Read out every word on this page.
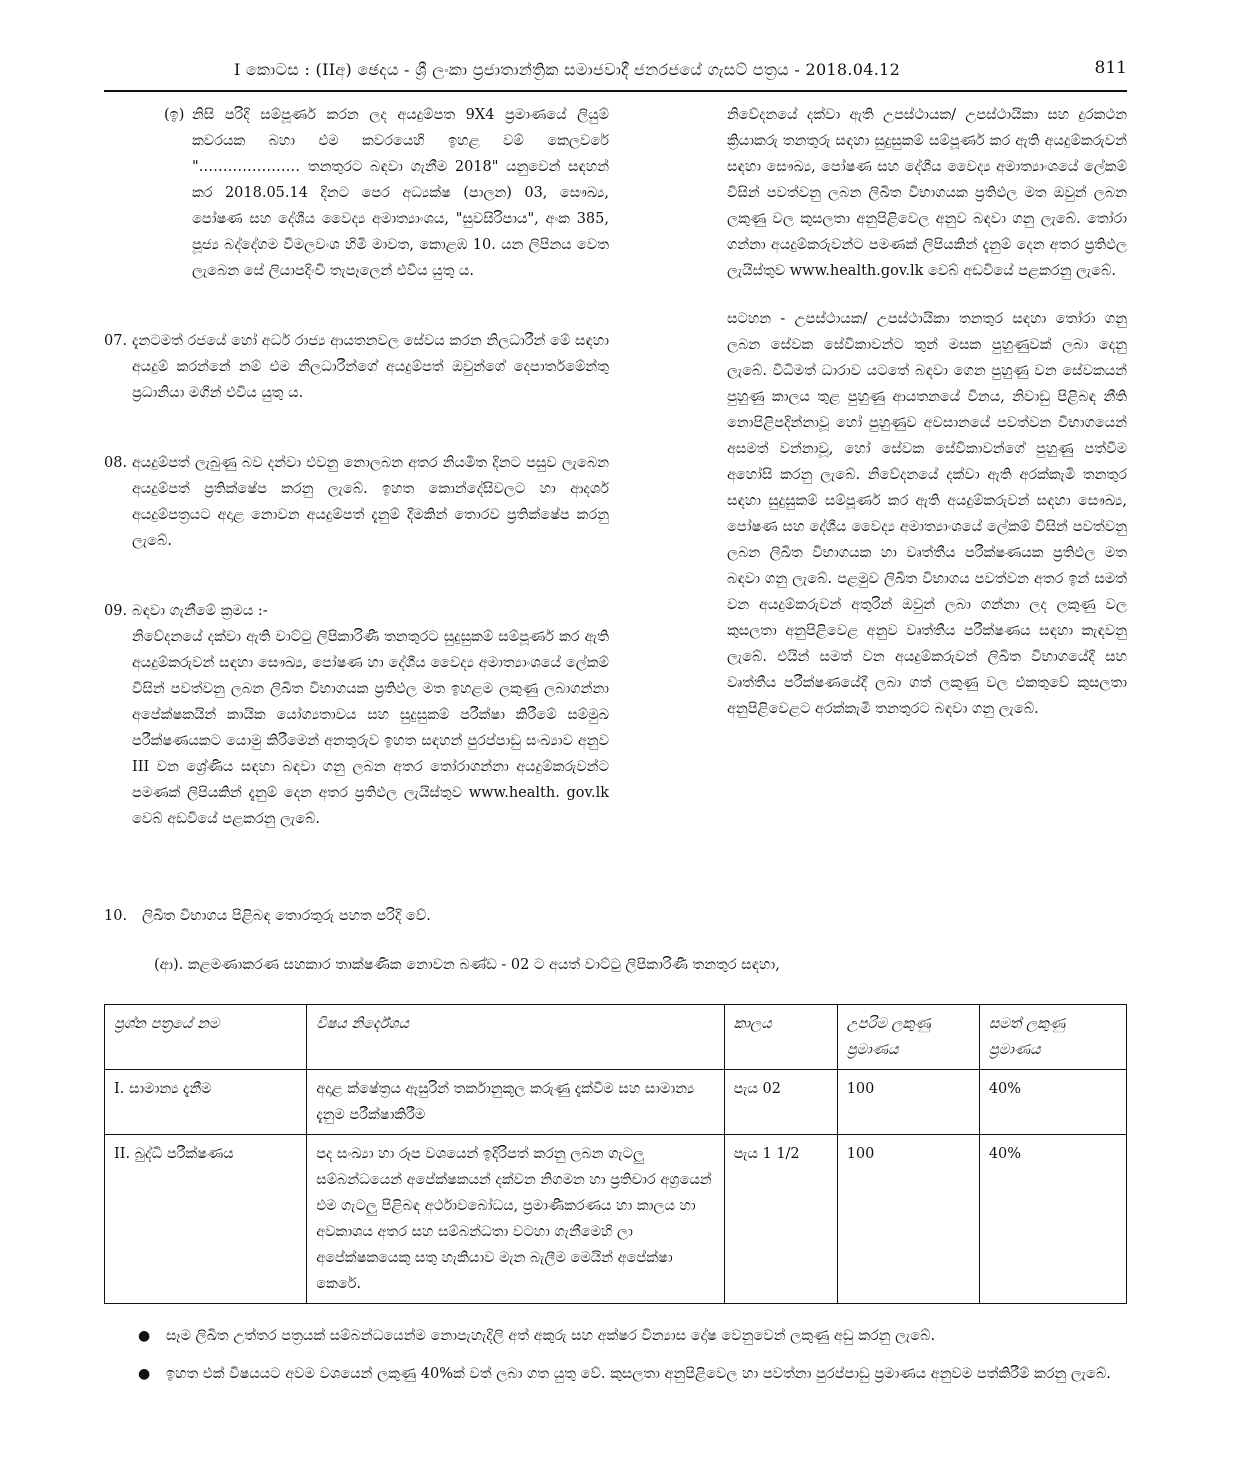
I කොටස : (IIඅ) ඡෙදය - ශ්‍රී ලංකා ප්‍රජාතාන්ත්‍රික සමාජවාදී ජනරජයේ ගැසට් පත්‍රය - 2018.04.12	811
(ඉ) නිසි පරිදි සම්පූර්ණ කරන ලද අයදුම්පත 9X4 ප්‍රමාණයේ ලියුම් කවරයක බහා එම කවරයෙහි ඉහළ වම් කෙලවරේ "………………… තනතුරට බඳවා ගැනීම 2018" යනුවෙන් සඳහන් කර 2018.05.14 දිනට පෙර අධ්‍යක්ෂ (පාලන) 03, සෞඛ්‍ය, පෝෂණ සහ දේශීය වෛද්‍ය අමාත්‍යාංශය, "සුවසිරිපාය", අංක 385, පූජ්‍ය බද්දේගම විමලවංශ හිමි මාවත, කොළඹ 10. යන ලිපිනය වෙත ලැබෙන සේ ලියාපදිංචි තැපෑලෙන් එවිය යුතු ය.
07. දැනටමත් රජයේ හෝ අර්ධ රාජ්‍ය ආයතනවල සේවය කරන නිලධාරීන් මේ සඳහා අයදුම් කරන්නේ නම් එම නිලධාරීන්ගේ අයදුම්පත් ඔවුන්ගේ දෙපාර්තමේන්තු ප්‍රධානියා මගින් එවිය යුතු ය.
08. අයදුම්පත් ලැබුණු බව දන්වා එවනු නොලබන අතර නියමිත දිනට පසුව ලැබෙන අයදුම්පත් ප්‍රතික්ෂේප කරනු ලැබේ. ඉහත කොන්දේසිවලට හා ආදර්ශ අයදුම්පත්‍රයට අදාළ නොවන අයදුම්පත් දැනුම් දීමකින් තොරව ප්‍රතික්ෂේප කරනු ලැබේ.
09. බඳවා ගැනීමේ ක්‍රමය :-
නිවේදනයේ දක්වා ඇති වාට්ටු ලිපිකාරිණී තනතුරට සුදුසුකම් සම්පූර්ණ කර ඇති අයදුම්කරුවන් සඳහා සෞඛ්‍ය, පෝෂණ හා දේශීය වෛද්‍ය අමාත්‍යාංශයේ ලේකම් විසින් පවත්වනු ලබන ලිඛිත විභාගයක ප්‍රතිඵල මත ඉහළම ලකුණු ලබාගන්නා අපේක්ෂකයින් කායික යෝග්‍යතාවය සහ සුදුසුකම් පරීක්ෂා කිරීමේ සම්මුඛ පරීක්ෂණයකට යොමු කිරීමෙන් අනතුරුව ඉහත සඳහන් පුරප්පාඩු සංඛ්‍යාව අනුව III වන ශ්‍රේණිය සඳහා බඳවා ගනු ලබන අතර තෝරාගන්නා අයදුම්කරුවන්ට පමණක් ලිපියකින් දැනුම් දෙන අතර ප්‍රතිඵල ලැයිස්තුව www.health. gov.lk වෙබ් අඩවියේ පළකරනු ලැබේ.
නිවේදනයේ දක්වා ඇති උපස්ථායක/ උපස්ථායිකා සහ දුරකථන ක්‍රියාකරු තනතුරු සඳහා සුදුසුකම් සම්පූර්ණ කර ඇති අයදුම්කරුවන් සඳහා සෞඛ්‍ය, පෝෂණ සහ දේශීය වෛද්‍ය අමාත්‍යාංශයේ ලේකම් විසින් පවත්වනු ලබන ලිඛිත විභාගයක ප්‍රතිඵල මත ඔවුන් ලබන ලකුණු වල කුසලතා අනුපිළිවෙල අනුව බඳවා ගනු ලැබේ. තෝරා ගන්නා අයදුම්කරුවන්ට පමණක් ලිපියකින් දැනුම් දෙන අතර ප්‍රතිඵල ලැයිස්තුව www.health.gov.lk වෙබ් අඩවියේ පළකරනු ලැබේ.
සටහන - උපස්ථායක/ උපස්ථායිකා තනතුර සඳහා තෝරා ගනු ලබන සේවක සේවිකාවන්ට තුන් මසක පුහුණුවක් ලබා දෙනු ලැබේ. විධිමත් ධාරාව යටතේ බඳවා ගෙන පුහුණු වන සේවකයන් පුහුණු කාලය තුළ පුහුණු ආයතනයේ විනය, නිවාඩු පිළිබඳ නීති නොපිළිපදින්නාවූ හෝ පුහුණුව අවසානයේ පවත්වන විභාගයෙන් අසමත් වන්නාවූ, හෝ සේවක සේවිකාවන්ගේ පුහුණු පත්වීම අහෝසි කරනු ලැබේ. නිවේදනයේ දක්වා ඇති අරක්කැමි තනතුර සඳහා සුදුසුකම් සම්පූර්ණ කර ඇති අයදුම්කරුවන් සඳහා සෞඛ්‍ය, පෝෂණ සහ දේශීය වෛද්‍ය අමාත්‍යාංශයේ ලේකම් විසින් පවත්වනු ලබන ලිඛිත විභාගයක හා වෘත්තීය පරීක්ෂණයක ප්‍රතිඵල මත බඳවා ගනු ලැබේ. පළමුව ලිඛිත විභාගය පවත්වන අතර ඉන් සමත් වන අයදුම්කරුවන් අතුරින් ඔවුන් ලබා ගන්නා ලද ලකුණු වල කුසලතා අනුපිළිවෙළ අනුව වෘත්තීය පරීක්ෂණය සඳහා කැඳවනු ලැබේ. එයින් සමත් වන අයදුම්කරුවන් ලිඛිත විභාගයේදී සහ වෘත්තීය පරීක්ෂණයේදී ලබා ගත් ලකුණු වල එකතුවේ කුසලතා අනුපිළිවෙළට අරක්කැමි තනතුරට බඳවා ගනු ලැබේ.
10. ලිඛිත විභාගය පිළිබඳ තොරතුරු පහත පරිදි වේ.
(ආ). කළමණාකරණ සහකාර තාක්ෂණික නොවන බණ්ඩ - 02 ට අයත් වාට්ටු ලිපිකාරිණී තනතුර සඳහා,
ප්‍රශ්න පත්‍රයේ නම	විෂය නිර්දේශය	කාලය	උපරිම ලකුණු ප්‍රමාණය	සමත් ලකුණු ප්‍රමාණය
I. සාමාන්‍ය දැනීම	අදාළ ක්ෂේත්‍රය ඇසුරින් තර්කානුකූල කරුණු දැක්වීම සහ සාමාන්‍ය දැනුම පරීක්ෂාකිරීම	පැය 02	100	40%
II. බුද්ධි පරීක්ෂණය	පද සංඛ්‍යා හා රූප වශයෙන් ඉදිරිපත් කරනු ලබන ගැටලු සම්බන්ධයෙන් අපේක්ෂකයන් දක්වන නිගමන හා ප්‍රතිචාර අග්‍රයෙන් එම ගැටලු පිළිබඳ අර්ථාවබෝධය, ප්‍රමාණීකරණය හා කාලය හා අවකාශය අතර සහ සම්බන්ධතා වටහා ගැනීමෙහි ලා අපේක්ෂකයෙකු සතු හැකියාව මැන බැලීම මෙයින් අපේක්ෂා කෙරේ.	පැය 1 1/2	100	40%
● සෑම ලිඛිත උත්තර පත්‍රයක් සම්බන්ධයෙන්ම නොපැහැදිලි අත් අකුරු සහ අක්ෂර වින්‍යාස දෝෂ වෙනුවෙන් ලකුණු අඩු කරනු ලැබේ.
● ඉහත එක් විෂයයට අවම වශයෙන් ලකුණු 40%ක් වත් ලබා ගත යුතු වේ. කුසලතා අනුපිළිවෙල හා පවත්නා පුරප්පාඩු ප්‍රමාණය අනුවම පත්කිරීම් කරනු ලැබේ.
